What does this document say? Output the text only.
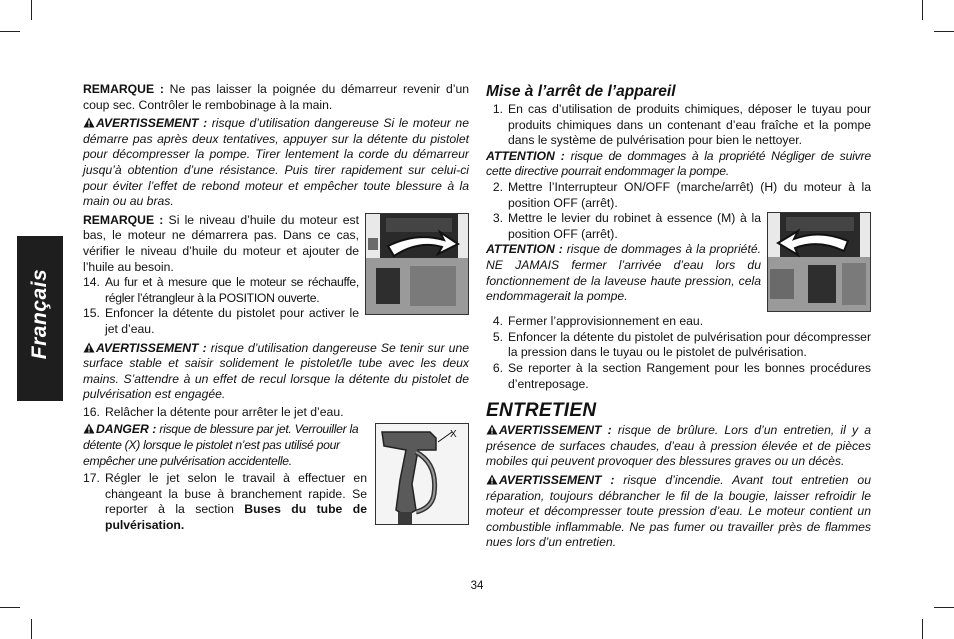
Français

REMARQUE : Ne pas laisser la poignée du démarreur revenir d’un coup sec. Contrôler le rembobinage à la main.

AVERTISSEMENT : risque d’utilisation dangereuse Si le moteur ne démarre pas après deux tentatives, appuyer sur la détente du pistolet pour décompresser la pompe. Tirer lentement la corde du démarreur jusqu’à obtention d’une résistance. Puis tirer rapidement sur celui-ci pour éviter l’effet de rebond moteur et empêcher toute blessure à la main ou au bras.

REMARQUE : Si le niveau d’huile du moteur est bas, le moteur ne démarrera pas. Dans ce cas, vérifier le niveau d’huile du moteur et ajouter de l’huile au besoin.

14. Au fur et à mesure que le moteur se réchauffe, régler l’étrangleur à la POSITION ouverte.
15. Enfoncer la détente du pistolet pour activer le jet d’eau.

AVERTISSEMENT : risque d’utilisation dangereuse Se tenir sur une surface stable et saisir solidement le pistolet/le tube avec les deux mains. S’attendre à un effet de recul lorsque la détente du pistolet de pulvérisation est engagée.

16. Relâcher la détente pour arrêter le jet d’eau.
X

DANGER : risque de blessure par jet. Verrouiller la détente (X) lorsque le pistolet n’est pas utilisé pour empêcher une pulvérisation accidentelle.

17. Régler le jet selon le travail à effectuer en changeant la buse à branchement rapide. Se reporter à la section Buses du tube de pulvérisation.
Mise à l’arrêt de l’appareil
1. En cas d’utilisation de produits chimiques, déposer le tuyau pour produits chimiques dans un contenant d’eau fraîche et la pompe dans le système de pulvérisation pour bien le nettoyer.

ATTENTION : risque de dommages à la propriété Négliger de suivre cette directive pourrait endommager la pompe.

2. Mettre l’Interrupteur ON/OFF (marche/arrêt) (H) du moteur à la position OFF (arrêt).
3. Mettre le levier du robinet à essence (M) à la position OFF (arrêt).

ATTENTION : risque de dommages à la propriété. NE JAMAIS fermer l’arrivée d’eau lors du fonctionnement de la laveuse haute pression, cela endommagerait la pompe.

4. Fermer l’approvisionnement en eau.
5. Enfoncer la détente du pistolet de pulvérisation pour décompresser la pression dans le tuyau ou le pistolet de pulvérisation.
6. Se reporter à la section Rangement pour les bonnes procédures d’entreposage.
ENTRETIEN

AVERTISSEMENT : risque de brûlure. Lors d’un entretien, il y a présence de surfaces chaudes, d’eau à pression élevée et de pièces mobiles qui peuvent provoquer des blessures graves ou un décès.

AVERTISSEMENT : risque d’incendie. Avant tout entretien ou réparation, toujours débrancher le fil de la bougie, laisser refroidir le moteur et décompresser toute pression d’eau. Le moteur contient un combustible inflammable. Ne pas fumer ou travailler près de flammes nues lors d’un entretien.

34
